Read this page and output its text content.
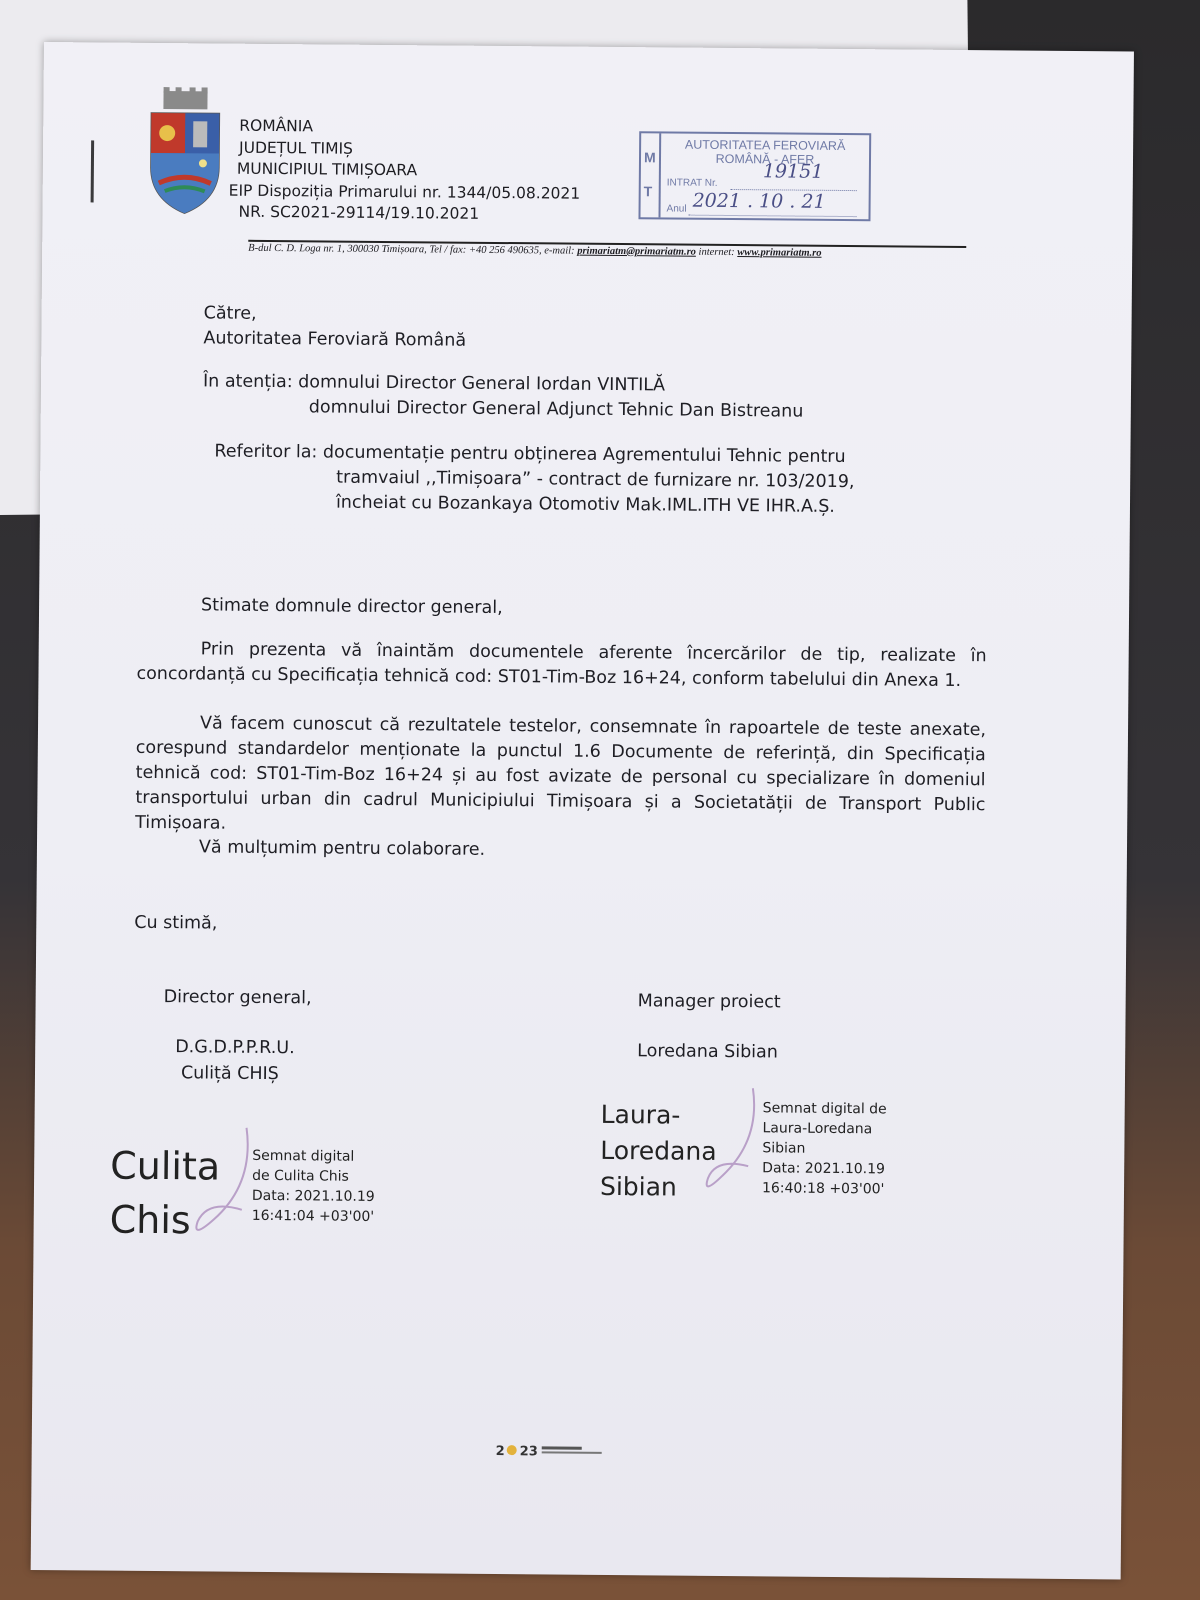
ROMÂNIA
JUDEȚUL TIMIȘ
MUNICIPIUL TIMIȘOARA
EIP Dispoziția Primarului nr. 1344/05.08.2021
NR. SC2021-29114/19.10.2021
M
T
AUTORITATEA FEROVIARĂ
ROMÂNĂ - AFER
INTRAT Nr.
19151
Anul 2021 . 10 . 21
B-dul C. D. Loga nr. 1, 300030 Timișoara, Tel / fax: +40 256 490635, e-mail: primariatm@primariatm.ro internet: www.primariatm.ro
Către,
Autoritatea Feroviară Română
În atenția: domnului Director General Iordan VINTILĂ
domnului Director General Adjunct Tehnic Dan Bistreanu
Referitor la: documentație pentru obținerea Agrementului Tehnic pentru
tramvaiul ,,Timișoara” - contract de furnizare nr. 103/2019,
încheiat cu Bozankaya Otomotiv Mak.IML.ITH VE IHR.A.Ș.
Stimate domnule director general,
Prin prezenta vă înaintăm documentele aferente încercărilor de tip, realizate în concordanță cu Specificația tehnică cod: ST01-Tim-Boz 16+24, conform tabelului din Anexa 1.
Vă facem cunoscut că rezultatele testelor, consemnate în rapoartele de teste anexate, corespund standardelor menționate la punctul 1.6 Documente de referință, din Specificația tehnică cod: ST01-Tim-Boz 16+24 și au fost avizate de personal cu specializare în domeniul transportului urban din cadrul Municipiului Timișoara și a Societatății de Transport Public Timișoara.
Vă mulțumim pentru colaborare.
Cu stimă,
Director general,
D.G.D.P.P.R.U.
Culiță CHIȘ
Manager proiect
Loredana Sibian
Culita
Chis
Semnat digital
de Culita Chis
Data: 2021.10.19
16:41:04 +03'00'
Laura-
Loredana
Sibian
Semnat digital de
Laura-Loredana
Sibian
Data: 2021.10.19
16:40:18 +03'00'
2 23
